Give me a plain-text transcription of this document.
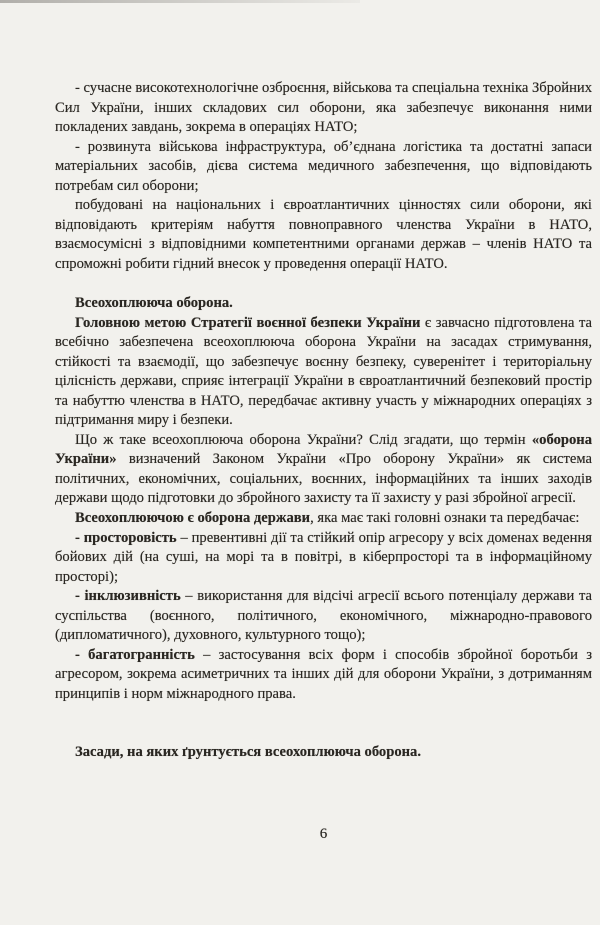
- сучасне високотехнологічне озброєння, військова та спеціальна техніка Збройних Сил України, інших складових сил оборони, яка забезпечує виконання ними покладених завдань, зокрема в операціях НАТО;

- розвинута військова інфраструктура, об’єднана логістика та достатні запаси матеріальних засобів, дієва система медичного забезпечення, що відповідають потребам сил оборони;

побудовані на національних і євроатлантичних цінностях сили оборони, які відповідають критеріям набуття повноправного членства України в НАТО, взаємосумісні з відповідними компетентними органами держав – членів НАТО та спроможні робити гідний внесок у проведення операції НАТО.

Всеохоплююча оборона.

Головною метою Стратегії воєнної безпеки України є завчасно підготовлена та всебічно забезпечена всеохоплююча оборона України на засадах стримування, стійкості та взаємодії, що забезпечує воєнну безпеку, суверенітет і територіальну цілісність держави, сприяє інтеграції України в євроатлантичний безпековий простір та набуттю членства в НАТО, передбачає активну участь у міжнародних операціях з підтримання миру і безпеки.

Що ж таке всеохоплююча оборона України? Слід згадати, що термін «оборона України» визначений Законом України «Про оборону України» як система політичних, економічних, соціальних, воєнних, інформаційних та інших заходів держави щодо підготовки до збройного захисту та її захисту у разі збройної агресії.

Всеохоплюючою є оборона держави, яка має такі головні ознаки та передбачає:

- просторовість – превентивні дії та стійкий опір агресору у всіх доменах ведення бойових дій (на суші, на морі та в повітрі, в кіберпросторі та в інформаційному просторі);

- інклюзивність – використання для відсічі агресії всього потенціалу держави та суспільства (воєнного, політичного, економічного, міжнародно-правового (дипломатичного), духовного, культурного тощо);

- багатогранність – застосування всіх форм і способів збройної боротьби з агресором, зокрема асиметричних та інших дій для оборони України, з дотриманням принципів і норм міжнародного права.

Засади, на яких ґрунтується всеохоплююча оборона.

6
